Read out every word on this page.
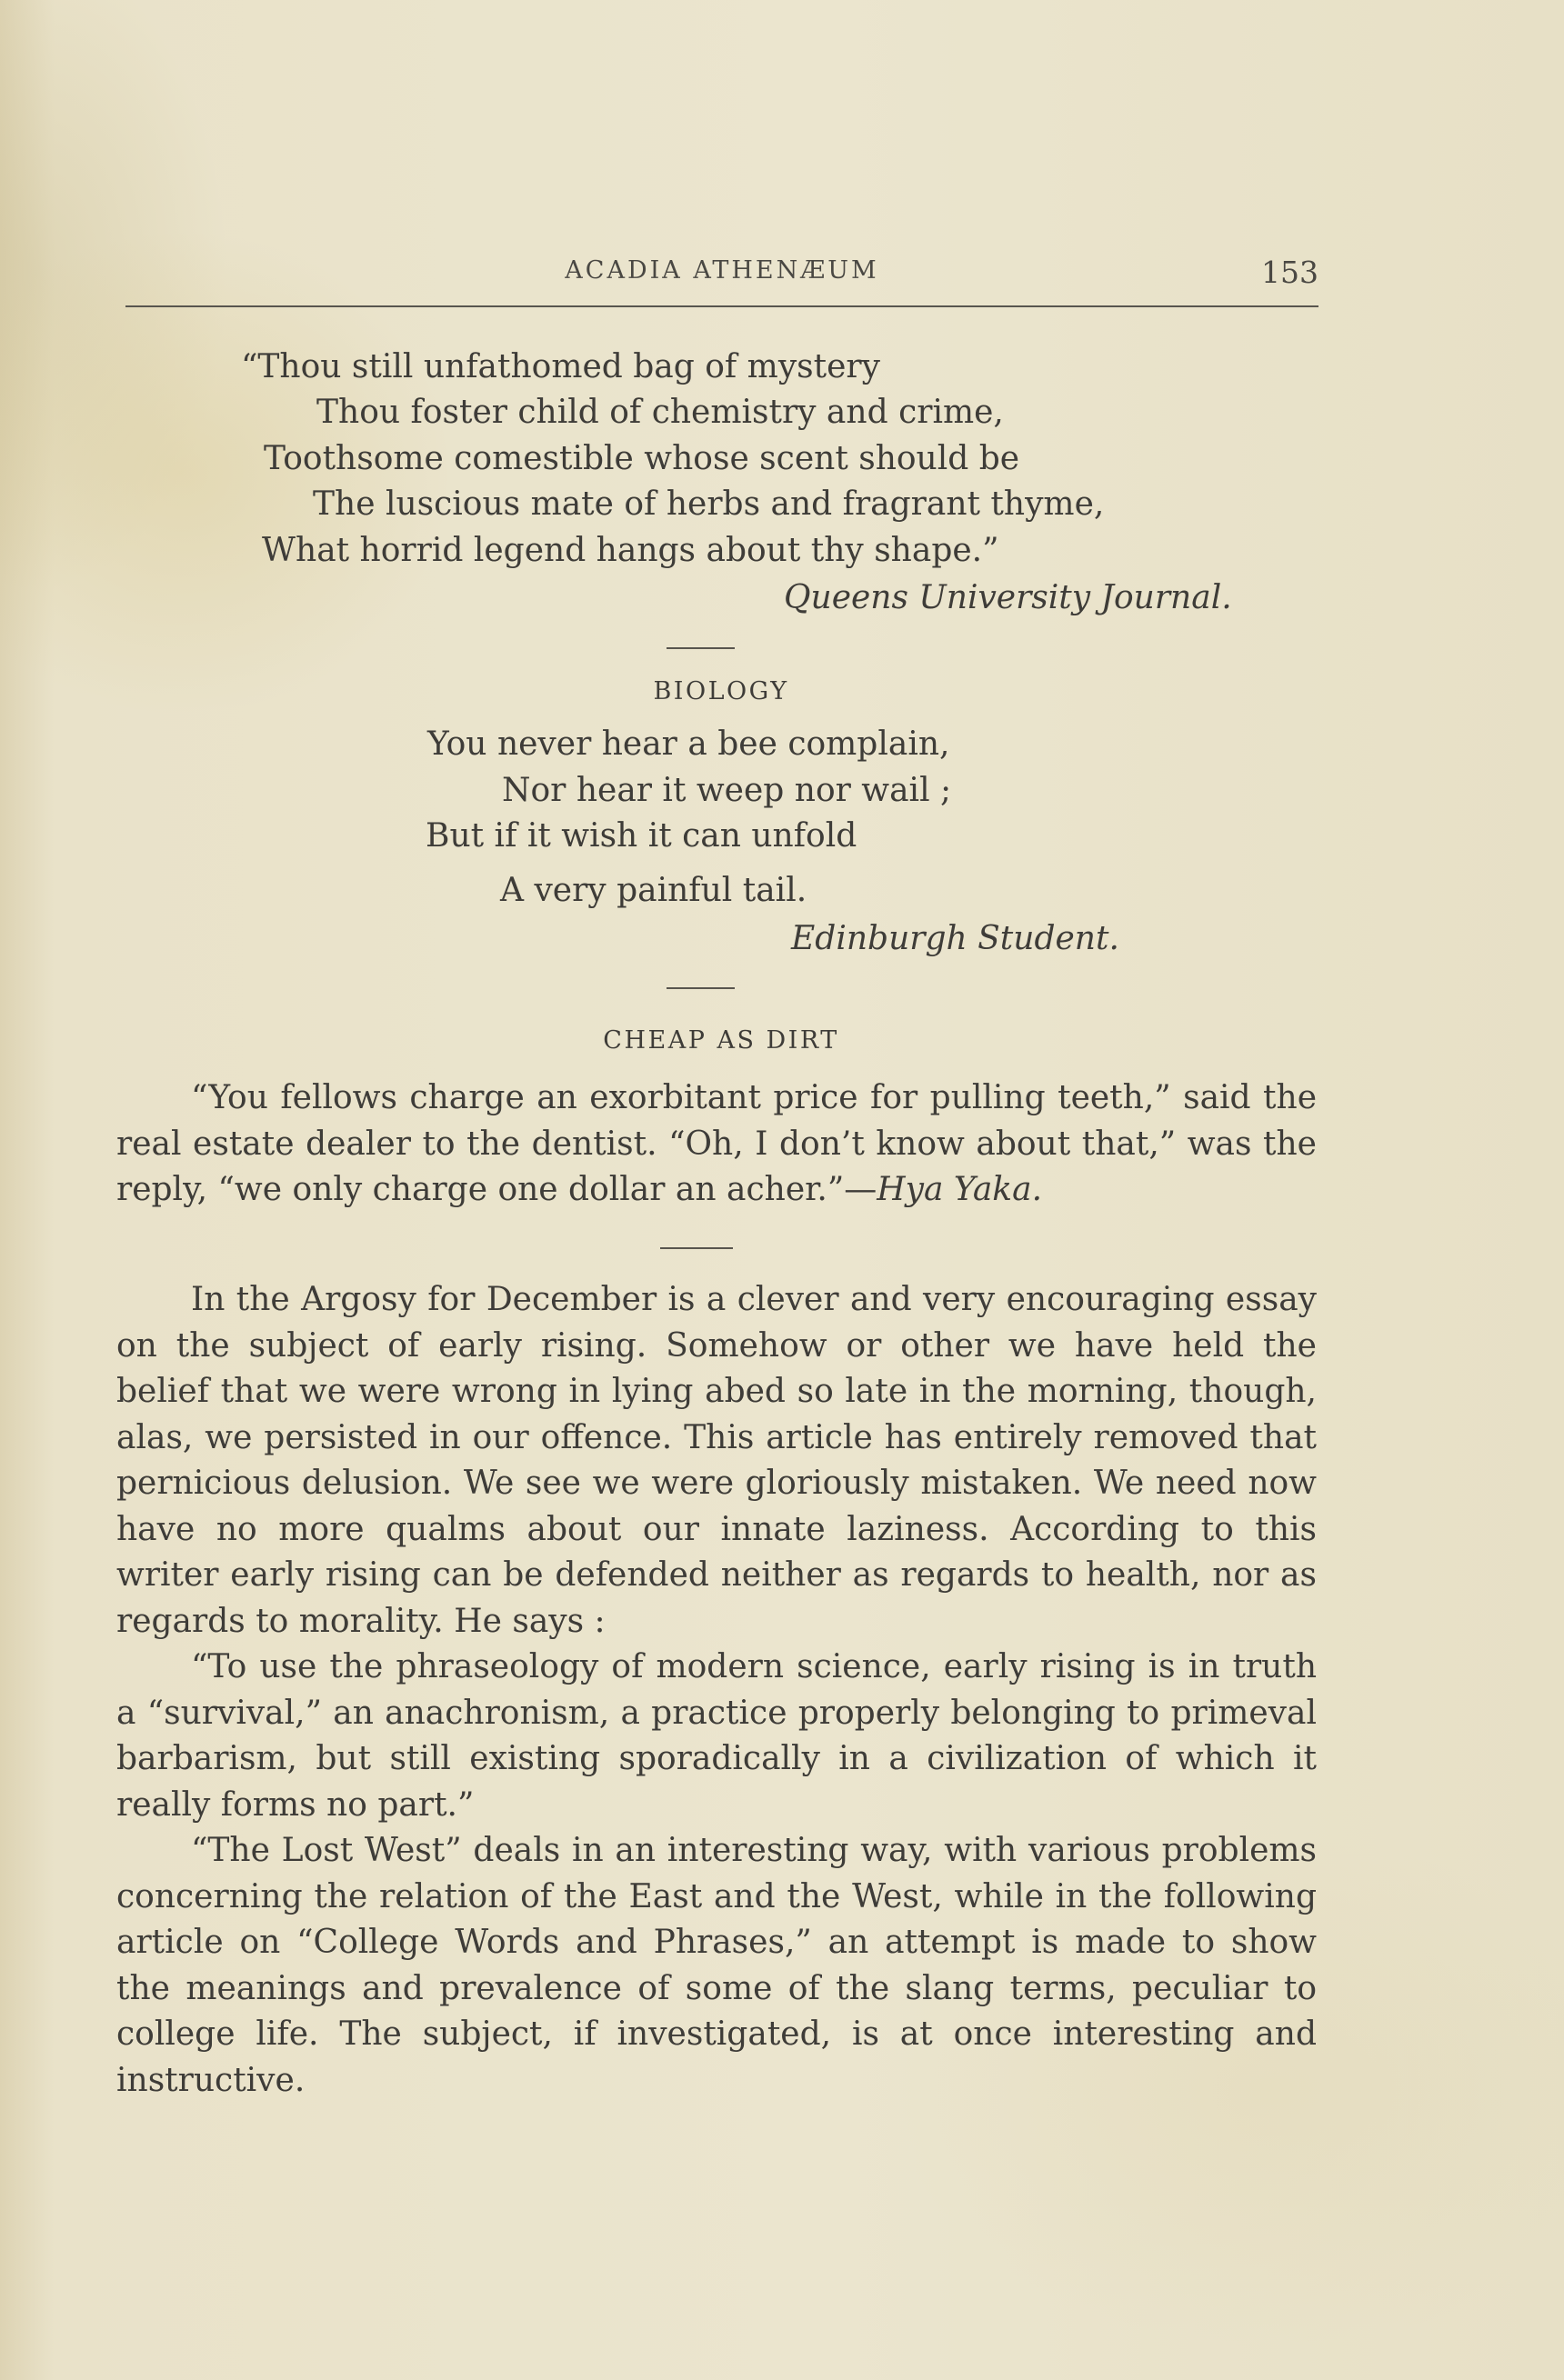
ACADIA ATHENÆUM	153
“Thou still unfathomed bag of mystery
Thou foster child of chemistry and crime,
Toothsome comestible whose scent should be
The luscious mate of herbs and fragrant thyme,
What horrid legend hangs about thy shape.”
Queens University Journal.
BIOLOGY
You never hear a bee complain,
Nor hear it weep nor wail ;
But if it wish it can unfold
A very painful tail.
Edinburgh Student.
CHEAP AS DIRT

“You fellows charge an exorbitant price for pulling teeth,” said the real estate dealer to the dentist. “Oh, I don’t know about that,” was the reply, “we only charge one dollar an acher.”—Hya Yaka.

In the Argosy for December is a clever and very encouraging essay on the subject of early rising. Somehow or other we have held the belief that we were wrong in lying abed so late in the morning, though, alas, we persisted in our offence. This article has entirely removed that pernicious delusion. We see we were gloriously mistaken. We need now have no more qualms about our innate laziness. According to this writer early rising can be defended neither as regards to health, nor as regards to morality. He says :

“To use the phraseology of modern science, early rising is in truth a “survival,” an anachronism, a practice properly belonging to primeval barbarism, but still existing sporadically in a civilization of which it really forms no part.”

“The Lost West” deals in an interesting way, with various problems concerning the relation of the East and the West, while in the following article on “College Words and Phrases,” an attempt is made to show the meanings and prevalence of some of the slang terms, peculiar to college life. The subject, if investigated, is at once interesting and instructive.
